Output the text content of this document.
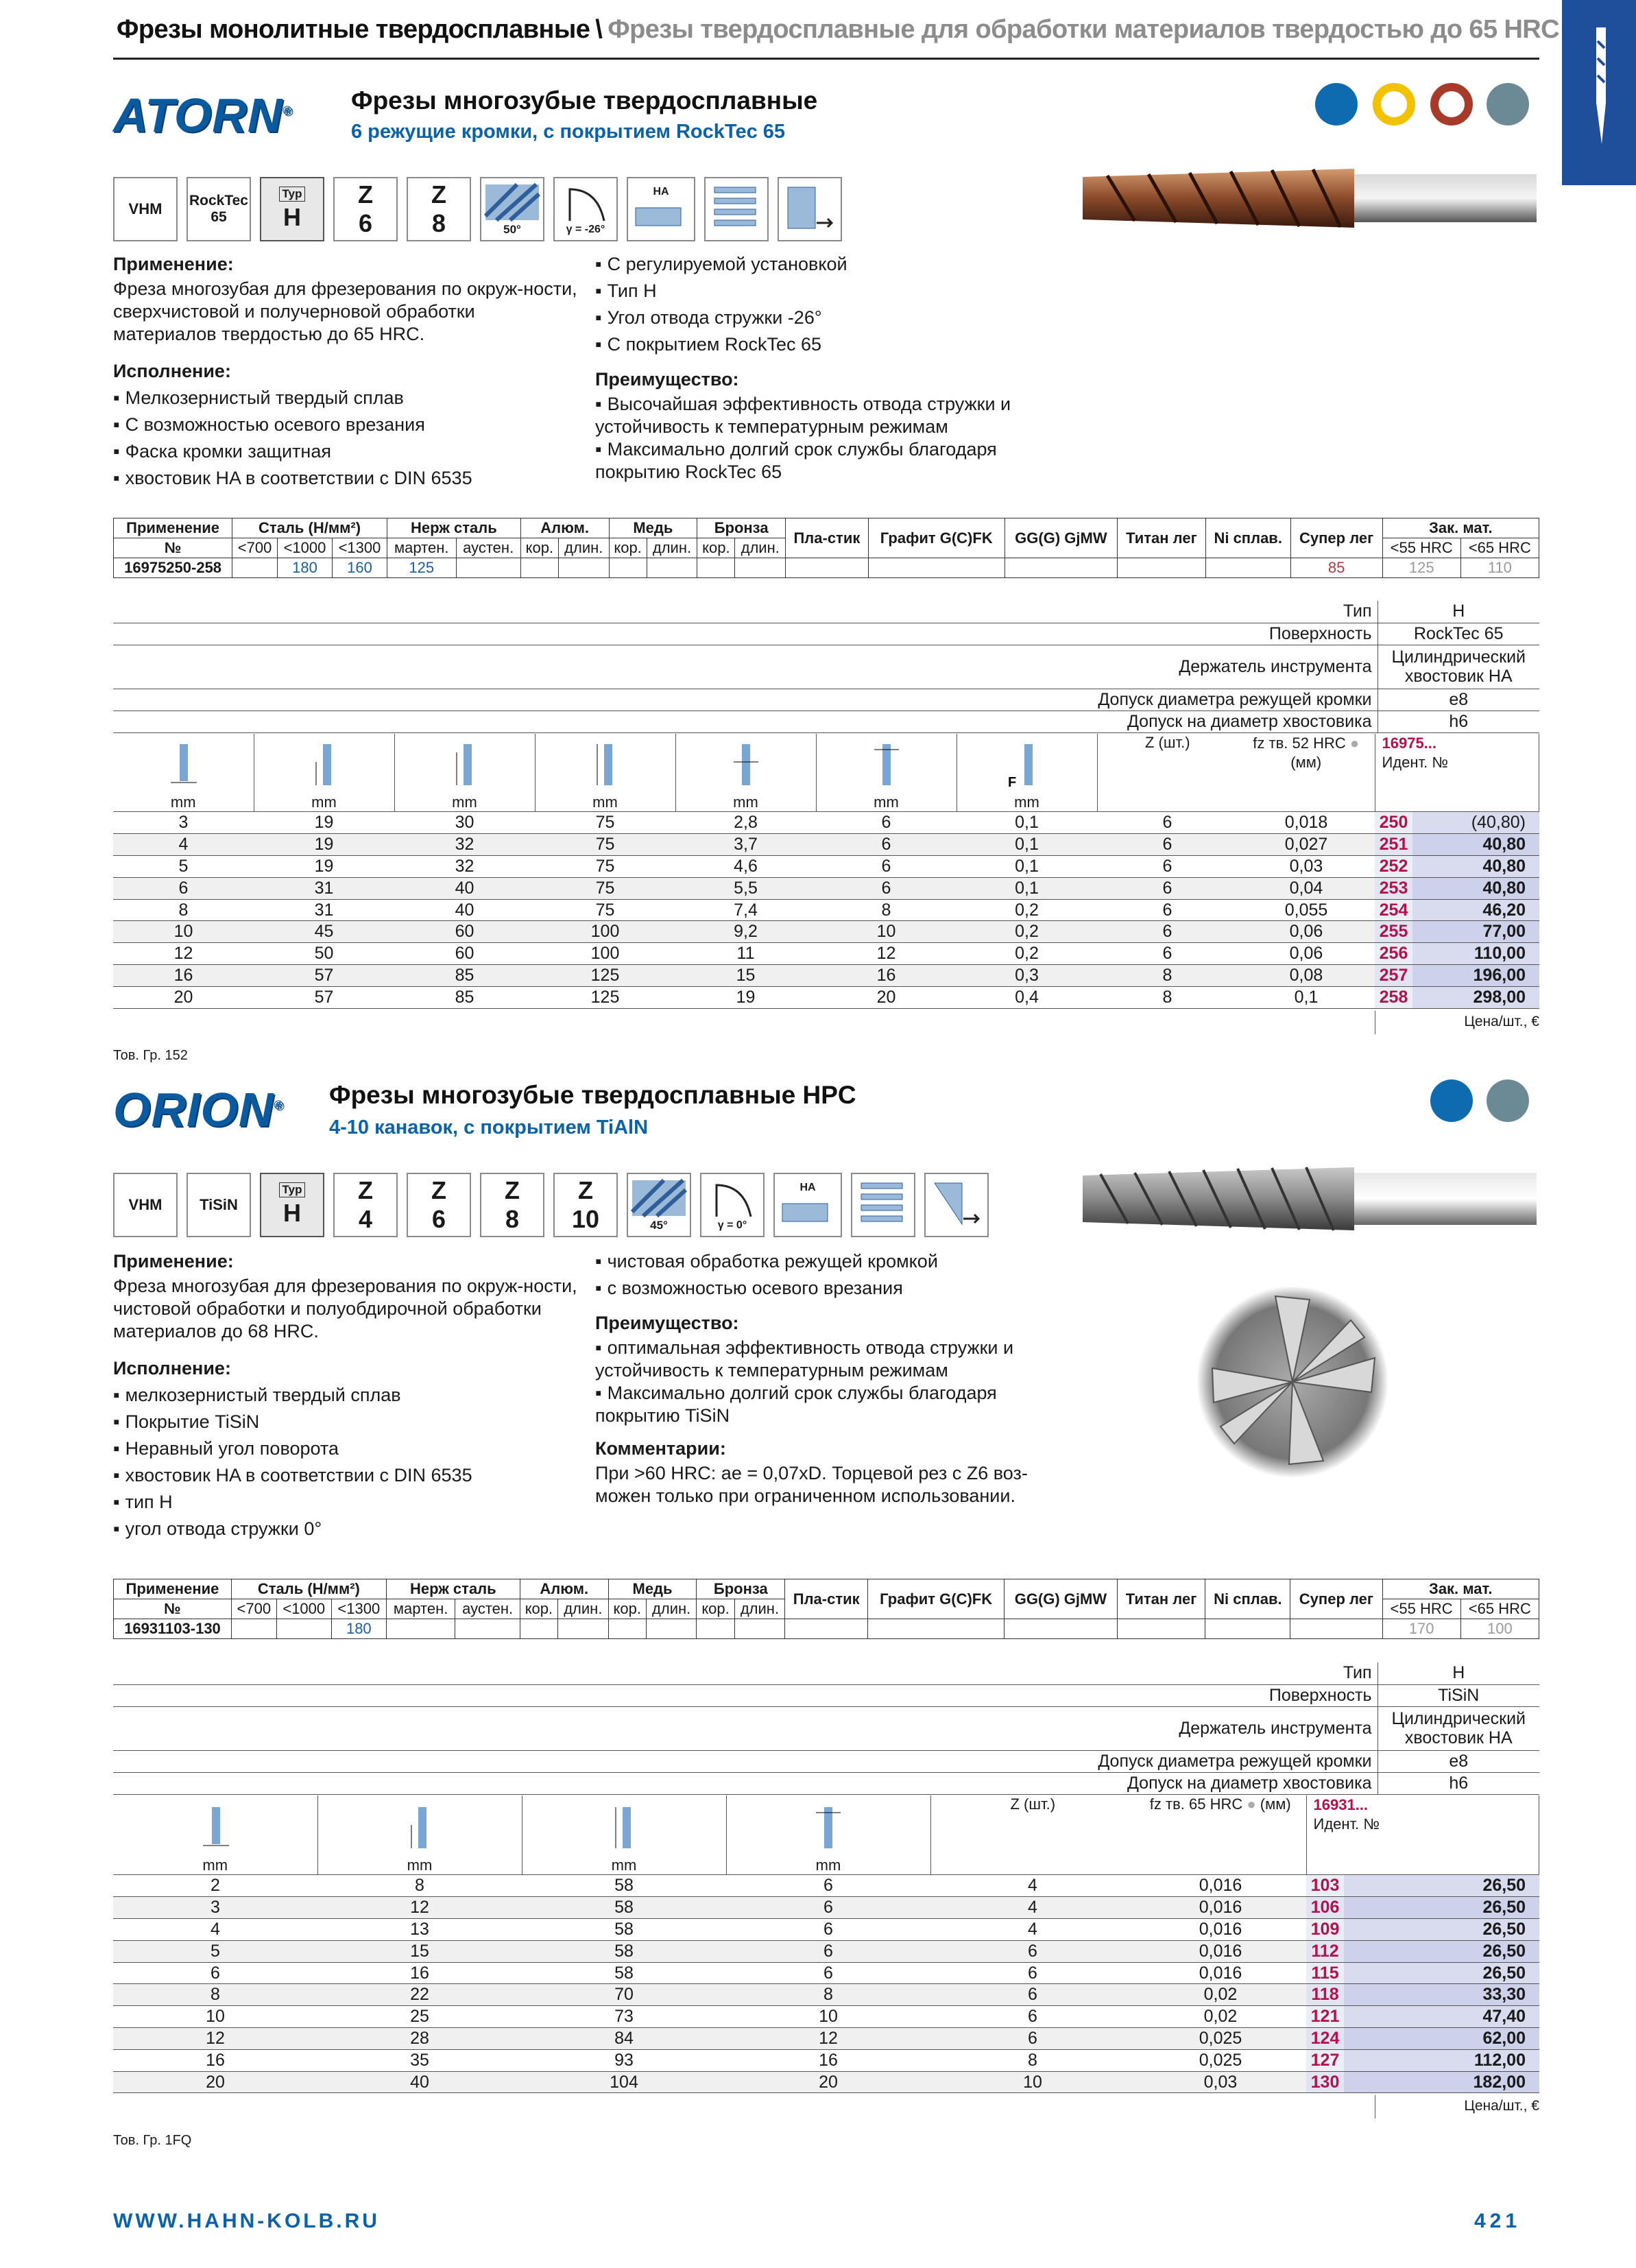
Фрезы монолитные твердосплавные \ Фрезы твердосплавные для обработки материалов твердостью до 65 HRC
ATORN® Фрезы многозубые твердосплавные
6 режущие кромки, с покрытием RockTec 65
VHM RockTec 65
Typ
H
Z
6
Z
8	50°	γ = -26°
HA
Применение:

Фреза многозубая для фрезерования по окруж-ности, сверхчистовой и получерновой обработки материалов твердостью до 65 HRC.

Исполнение:
▪ Мелкозернистый твердый сплав
▪ С возможностью осевого врезания
▪ Фаска кромки защитная
▪ хвостовик HA в соответствии с DIN 6535
▪ С регулируемой установкой
▪ Тип H
▪ Угол отвода стружки -26°
▪ С покрытием RockTec 65
Преимущество:
▪ Высочайшая эффективность отвода стружки и устойчивость к температурным режимам
▪ Максимально долгий срок службы благодаря покрытию RockTec 65
Применение	Сталь (Н/мм²)			Нерж сталь		Алюм.		Медь		Бронза		Пла-стик	Графит G(C)FK	GG(G) GjMW	Титан лег	Ni сплав.	Супер лег	Зак. мат.	
№	<700	<1000	<1300	мартен.	аустен.	кор.	длин.	кор.	длин.	кор.	длин.							<55 HRC	<65 HRC
16975250-258		180	160	125													85	125	110
Тип	H
Поверхность	RockTec 65
Держатель инструмента	Цилиндрический хвостовик HA
Допуск диаметра режущей кромки	e8
Допуск на диаметр хвостовика	h6

mm	mm	mm	mm	mm	mm	
F

mm	Z (шт.)	fz тв. 52 HRC ● (мм)	16975...
Идент. №
3	19	30	75	2,8	6	0,1	6	0,018	250	(40,80)
4	19	32	75	3,7	6	0,1	6	0,027	251	40,80
5	19	32	75	4,6	6	0,1	6	0,03	252	40,80
6	31	40	75	5,5	6	0,1	6	0,04	253	40,80
8	31	40	75	7,4	8	0,2	6	0,055	254	46,20
10	45	60	100	9,2	10	0,2	6	0,06	255	77,00
12	50	60	100	11	12	0,2	6	0,06	256	110,00
16	57	85	125	15	16	0,3	8	0,08	257	196,00
20	57	85	125	19	20	0,4	8	0,1	258	298,00
Цена/шт., €
Тов. Гр. 152
ORION® Фрезы многозубые твердосплавные HPC
4-10 канавок, с покрытием TiAlN
VHM TiSiN
Typ
H
Z
4
Z
6
Z
8
Z
10	45°	γ = 0°
HA
Применение:

Фреза многозубая для фрезерования по окруж-ности, чистовой обработки и полуобдирочной обработки материалов до 68 HRC.

Исполнение:
▪ мелкозернистый твердый сплав
▪ Покрытие TiSiN
▪ Неравный угол поворота
▪ хвостовик HA в соответствии с DIN 6535
▪ тип H
▪ угол отвода стружки 0°
▪ чистовая обработка режущей кромкой
▪ с возможностью осевого врезания
Преимущество:
▪ оптимальная эффективность отвода стружки и устойчивость к температурным режимам
▪ Максимально долгий срок службы благодаря покрытию TiSiN
Комментарии:

При >60 HRC: ae = 0,07xD. Торцевой рез с Z6 воз-можен только при ограниченном использовании.

Применение	Сталь (Н/мм²)			Нерж сталь		Алюм.		Медь		Бронза		Пла-стик	Графит G(C)FK	GG(G) GjMW	Титан лег	Ni сплав.	Супер лег	Зак. мат.	
№	<700	<1000	<1300	мартен.	аустен.	кор.	длин.	кор.	длин.	кор.	длин.							<55 HRC	<65 HRC
16931103-130			180															170	100
Тип	H
Поверхность	TiSiN
Держатель инструмента	Цилиндрический хвостовик HA
Допуск диаметра режущей кромки	e8
Допуск на диаметр хвостовика	h6

mm	mm	mm	mm	Z (шт.)	fz тв. 65 HRC ● (мм)	16931...
Идент. №
2	8	58	6	4	0,016	103	26,50
3	12	58	6	4	0,016	106	26,50
4	13	58	6	4	0,016	109	26,50
5	15	58	6	6	0,016	112	26,50
6	16	58	6	6	0,016	115	26,50
8	22	70	8	6	0,02	118	33,30
10	25	73	10	6	0,02	121	47,40
12	28	84	12	6	0,025	124	62,00
16	35	93	16	8	0,025	127	112,00
20	40	104	20	10	0,03	130	182,00
Цена/шт., €
Тов. Гр. 1FQ
WWW.HAHN-KOLB.RU	421
